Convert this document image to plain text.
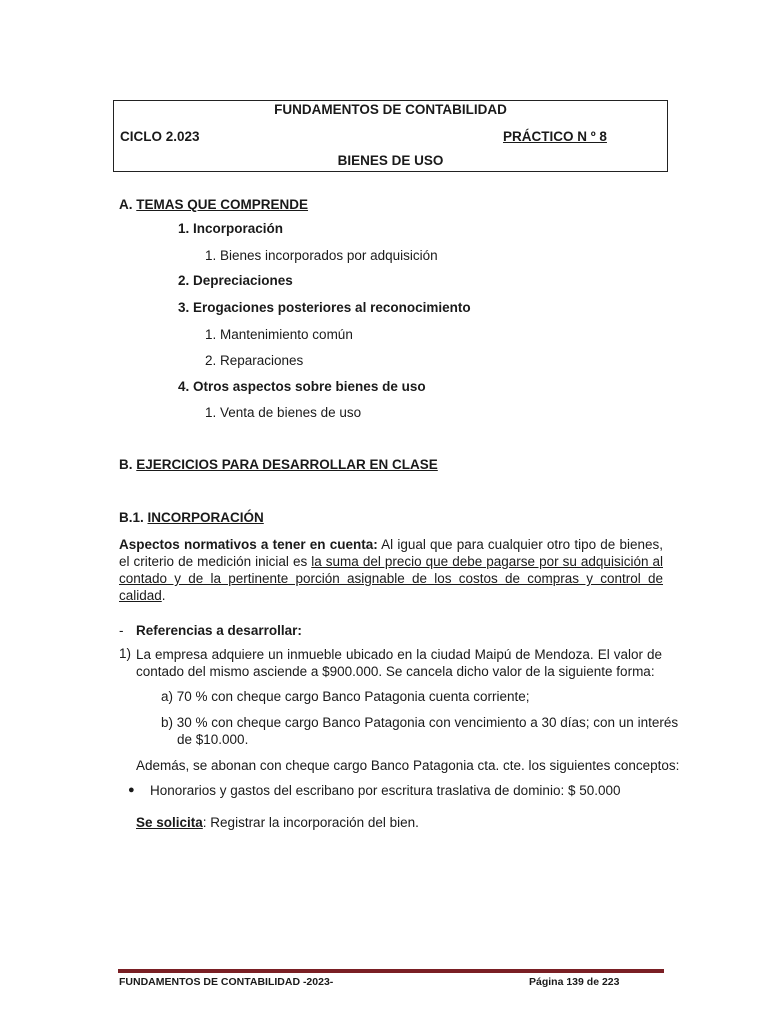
FUNDAMENTOS DE CONTABILIDAD
CICLO 2.023	PRÁCTICO N º 8
BIENES DE USO
A. TEMAS QUE COMPRENDE
1. Incorporación
1. Bienes incorporados por adquisición
2. Depreciaciones
3. Erogaciones posteriores al reconocimiento
1. Mantenimiento común
2. Reparaciones
4. Otros aspectos sobre bienes de uso
1. Venta de bienes de uso
B. EJERCICIOS PARA DESARROLLAR EN CLASE
B.1. INCORPORACIÓN
Aspectos normativos a tener en cuenta: Al igual que para cualquier otro tipo de bienes, el criterio de medición inicial es la suma del precio que debe pagarse por su adquisición al contado y de la pertinente porción asignable de los costos de compras y control de calidad.
- Referencias a desarrollar:
1) La empresa adquiere un inmueble ubicado en la ciudad Maipú de Mendoza. El valor de contado del mismo asciende a $900.000. Se cancela dicho valor de la siguiente forma:
a) 70 % con cheque cargo Banco Patagonia cuenta corriente;
b) 30 % con cheque cargo Banco Patagonia con vencimiento a 30 días; con un interés
de $10.000.
Además, se abonan con cheque cargo Banco Patagonia cta. cte. los siguientes conceptos:
● Honorarios y gastos del escribano por escritura traslativa de dominio: $ 50.000
Se solicita: Registrar la incorporación del bien.
FUNDAMENTOS DE CONTABILIDAD -2023-	Página 139 de 223
